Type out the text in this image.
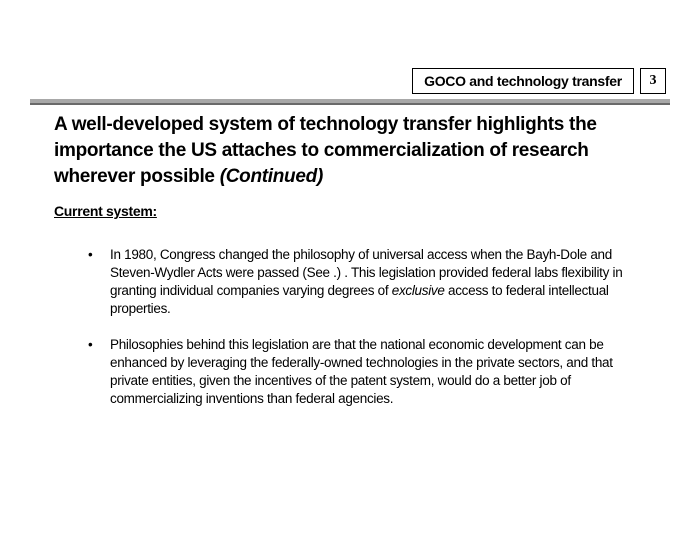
GOCO and technology transfer	3
A well-developed system of technology transfer highlights the importance the US attaches to commercialization of research wherever possible (Continued)
Current system:
• In 1980, Congress changed the philosophy of universal access when the Bayh-Dole and Steven-Wydler Acts were passed (See .) . This legislation provided federal labs flexibility in granting individual companies varying degrees of exclusive access to federal intellectual properties.
• Philosophies behind this legislation are that the national economic development can be enhanced by leveraging the federally-owned technologies in the private sectors, and that private entities, given the incentives of the patent system, would do a better job of commercializing inventions than federal agencies.
